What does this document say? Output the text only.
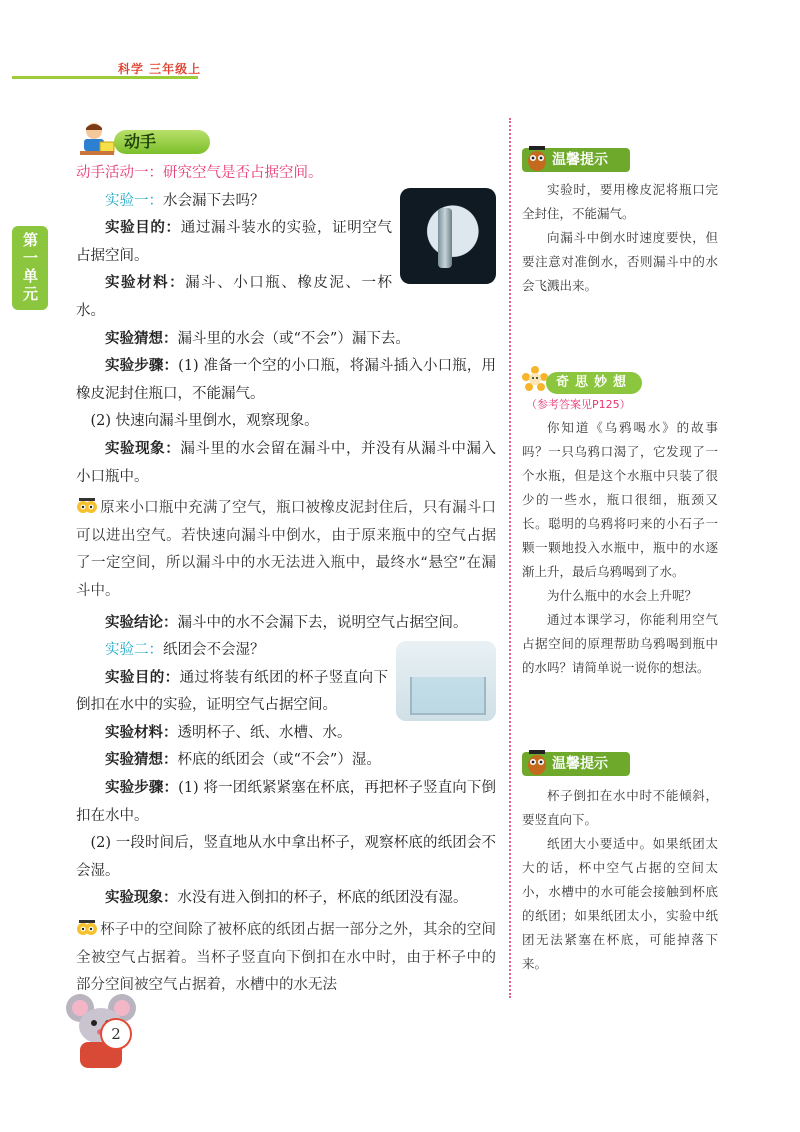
科学 三年级上
第一单元
动手

动手活动一：研究空气是否占据空间。

实验一：水会漏下去吗？

实验目的：通过漏斗装水的实验，证明空气占据空间。

实验材料：漏斗、小口瓶、橡皮泥、一杯水。

实验猜想：漏斗里的水会（或“不会”）漏下去。

实验步骤：(1) 准备一个空的小口瓶，将漏斗插入小口瓶，用橡皮泥封住瓶口，不能漏气。

(2) 快速向漏斗里倒水，观察现象。

实验现象：漏斗里的水会留在漏斗中，并没有从漏斗中漏入小口瓶中。

原来小口瓶中充满了空气，瓶口被橡皮泥封住后，只有漏斗口可以进出空气。若快速向漏斗中倒水，由于原来瓶中的空气占据了一定空间，所以漏斗中的水无法进入瓶中，最终水“悬空”在漏斗中。

实验结论：漏斗中的水不会漏下去，说明空气占据空间。

实验二：纸团会不会湿？

实验目的：通过将装有纸团的杯子竖直向下倒扣在水中的实验，证明空气占据空间。

实验材料：透明杯子、纸、水槽、水。

实验猜想：杯底的纸团会（或“不会”）湿。

实验步骤：(1) 将一团纸紧紧塞在杯底，再把杯子竖直向下倒扣在水中。

(2) 一段时间后，竖直地从水中拿出杯子，观察杯底的纸团会不会湿。

实验现象：水没有进入倒扣的杯子，杯底的纸团没有湿。

杯子中的空间除了被杯底的纸团占据一部分之外，其余的空间全被空气占据着。当杯子竖直向下倒扣在水中时，由于杯子中的部分空间被空气占据着，水槽中的水无法

温馨提示

实验时，要用橡皮泥将瓶口完全封住，不能漏气。

向漏斗中倒水时速度要快，但要注意对准倒水，否则漏斗中的水会飞溅出来。

奇思妙想
（参考答案见P125）

你知道《乌鸦喝水》的故事吗？一只乌鸦口渴了，它发现了一个水瓶，但是这个水瓶中只装了很少的一些水，瓶口很细，瓶颈又长。聪明的乌鸦将叼来的小石子一颗一颗地投入水瓶中，瓶中的水逐渐上升，最后乌鸦喝到了水。

为什么瓶中的水会上升呢？

通过本课学习，你能利用空气占据空间的原理帮助乌鸦喝到瓶中的水吗？请简单说一说你的想法。

温馨提示

杯子倒扣在水中时不能倾斜，要竖直向下。

纸团大小要适中。如果纸团太大的话，杯中空气占据的空间太小，水槽中的水可能会接触到杯底的纸团；如果纸团太小，实验中纸团无法紧塞在杯底，可能掉落下来。

2
